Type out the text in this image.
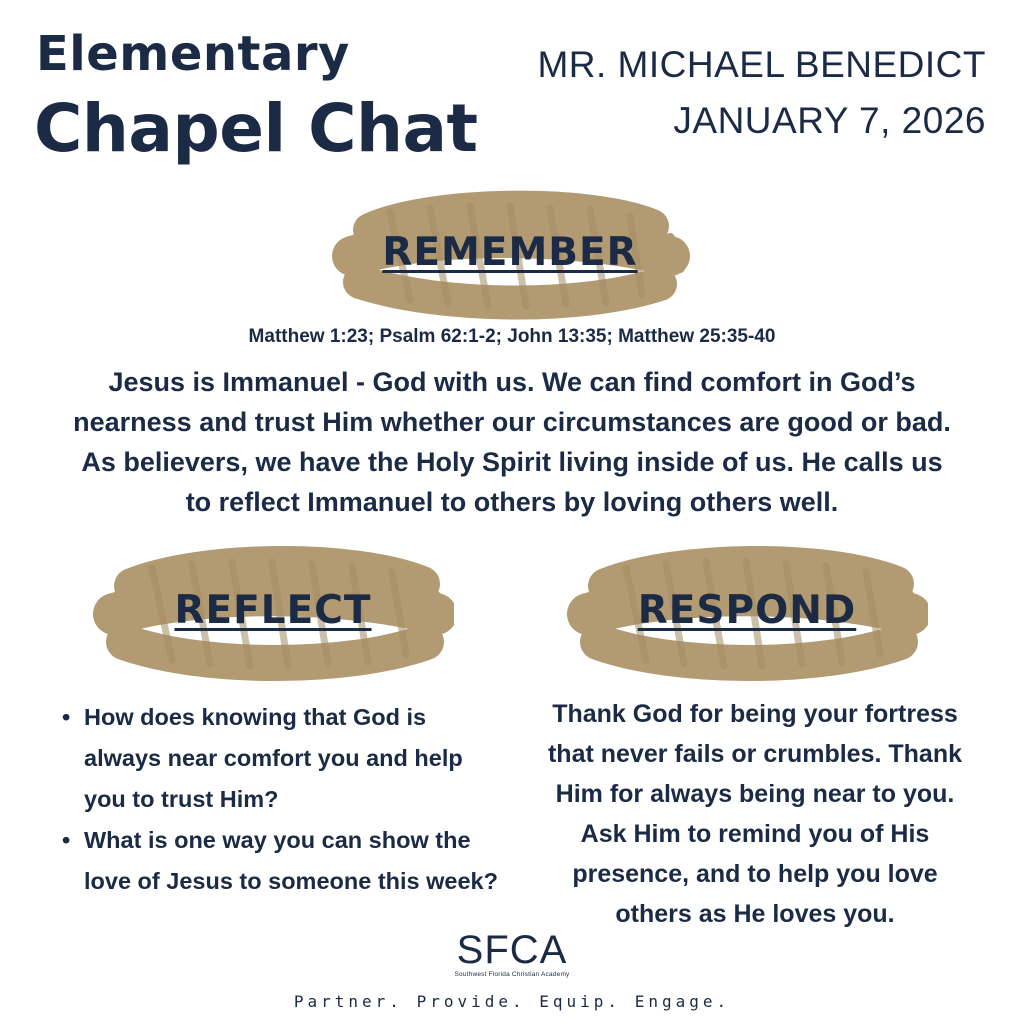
Elementary
Chapel Chat
MR. MICHAEL BENEDICT
JANUARY 7, 2026
REMEMBER
Matthew 1:23; Psalm 62:1-2; John 13:35; Matthew 25:35-40
Jesus is Immanuel - God with us. We can find comfort in God’s
nearness and trust Him whether our circumstances are good or bad.
As believers, we have the Holy Spirit living inside of us. He calls us
to reflect Immanuel to others by loving others well.
REFLECT	RESPOND
• How does knowing that God is
always near comfort you and help
you to trust Him?
• What is one way you can show the
love of Jesus to someone this week?
Thank God for being your fortress
that never fails or crumbles. Thank
Him for always being near to you.
Ask Him to remind you of His
presence, and to help you love
others as He loves you.
SFCA
Southwest Florida Christian Academy
Partner. Provide. Equip. Engage.
